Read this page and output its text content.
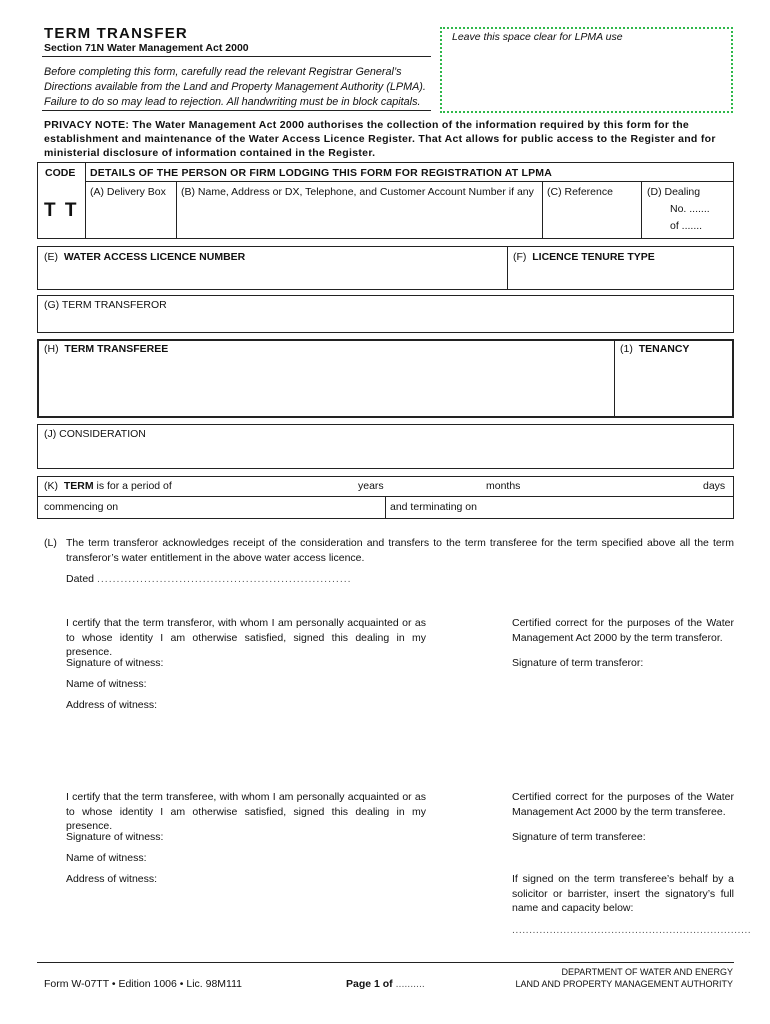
TERM TRANSFER
Section 71N Water Management Act 2000
Before completing this form, carefully read the relevant Registrar General’s Directions available from the Land and Property Management Authority (LPMA). Failure to do so may lead to rejection. All handwriting must be in block capitals.
Leave this space clear for LPMA use
PRIVACY NOTE: The Water Management Act 2000 authorises the collection of the information required by this form for the establishment and maintenance of the Water Access Licence Register. That Act allows for public access to the Register and for ministerial disclosure of information contained in the Register.
CODE
T T
DETAILS OF THE PERSON OR FIRM LODGING THIS FORM FOR REGISTRATION AT LPMA
(A) Delivery Box (B) Name, Address or DX, Telephone, and Customer Account Number if any (C) Reference	(D) Dealing
No. .......
of .......
(E) WATER ACCESS LICENCE NUMBER	(F) LICENCE TENURE TYPE
(G) TERM TRANSFEROR
(H) TERM TRANSFEREE	(1) TENANCY
(J) CONSIDERATION
(K) TERM is for a period of	years	months	days
commencing on	and terminating on
(L) The term transferor acknowledges receipt of the consideration and transfers to the term transferee for the term specified above all the term transferor’s water entitlement in the above water access licence.
Dated .................................................................
I certify that the term transferor, with whom I am personally acquainted or as to whose identity I am otherwise satisfied, signed this dealing in my presence.
Signature of witness:
Name of witness:
Address of witness:
Certified correct for the purposes of the Water Management Act 2000 by the term transferor.
Signature of term transferor:
I certify that the term transferee, with whom I am personally acquainted or as to whose identity I am otherwise satisfied, signed this dealing in my presence.
Signature of witness:
Name of witness:
Address of witness:
Certified correct for the purposes of the Water Management Act 2000 by the term transferee.
Signature of term transferee:
If signed on the term transferee’s behalf by a solicitor or barrister, insert the signatory’s full name and capacity below:
......................................................................
Form W-07TT • Edition 1006 • Lic. 98M111	Page 1 of ..........
DEPARTMENT OF WATER AND ENERGY
LAND AND PROPERTY MANAGEMENT AUTHORITY
